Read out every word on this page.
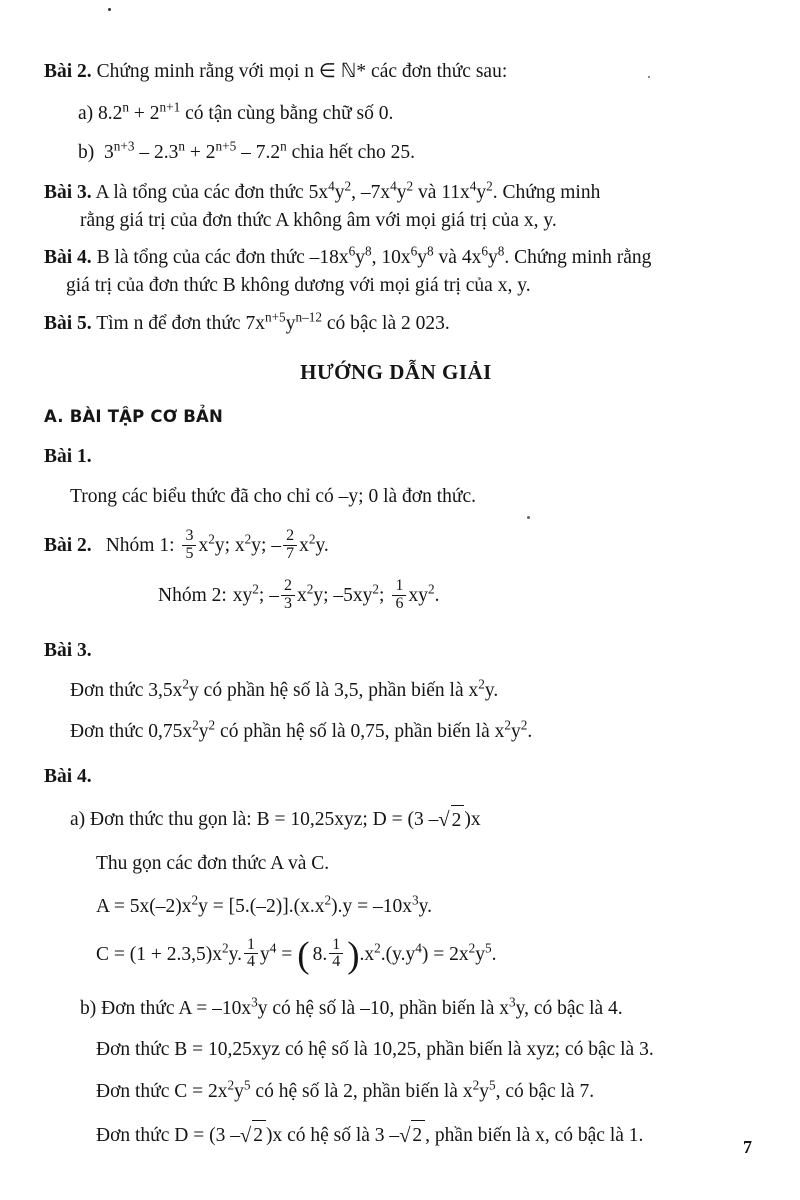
Bài 2. Chứng minh rằng với mọi n ∈ ℕ* các đơn thức sau:
a) $8.2^n + 2^{n+1}$ có tận cùng bằng chữ số 0.
b)  $3^{n+3} - 2.3^n + 2^{n+5} - 7.2^n$ chia hết cho 25.
Bài 3. A là tổng của các đơn thức $5x^4y^2$, $-7x^4y^2$ và $11x^4y^2$. Chứng minh
rằng giá trị của đơn thức A không âm với mọi giá trị của x, y.
Bài 4. B là tổng của các đơn thức $-18x^6y^8$, $10x^6y^8$ và $4x^6y^8$. Chứng minh rằng
giá trị của đơn thức B không dương với mọi giá trị của x, y.
Bài 5. Tìm n để đơn thức $7x^{n+5}y^{n-12}$ có bậc là 2 023.
HƯỚNG DẪN GIẢI
A. BÀI TẬP CƠ BẢN
Bài 1.
Trong các biểu thức đã cho chỉ có –y; 0 là đơn thức.
Bài 2. Nhóm 1: $\frac{3}{5} x^2y$; $x^2y$; – $\frac{2}{7} x^2y$.
Nhóm 2: $xy^2$; – $\frac{2}{3} x^2y$; $-5xy^2$; $\frac{1}{6} xy^2$.
Bài 3.
Đơn thức $3,5x^2y$ có phần hệ số là 3,5, phần biến là $x^2y$.
Đơn thức $0,75x^2y^2$ có phần hệ số là 0,75, phần biến là $x^2y^2$.
Bài 4.
a) Đơn thức thu gọn là: B = 10,25xyz; D = (3 – √ 2 )x
Thu gọn các đơn thức A và C.
$A = 5x(-2)x^2y = [5.(-2)].(x.x^2).y = -10x^3y$.
$C = (1 + 2.3,5)x^2y$. $\frac{1}{4} y^4$ = ( 8. $\frac{1}{4}$ ) $.x^2.(y.y^4) = 2x^2y^5$.
b) Đơn thức $A = -10x^3y$ có hệ số là –10, phần biến là $x^3y$, có bậc là 4.
Đơn thức B = 10,25xyz có hệ số là 10,25, phần biến là xyz; có bậc là 3.
Đơn thức $C = 2x^2y^5$ có hệ số là 2, phần biến là $x^2y^5$, có bậc là 7.
Đơn thức D = (3 – √ 2 )x có hệ số là 3 – √ 2 , phần biến là x, có bậc là 1.
7
